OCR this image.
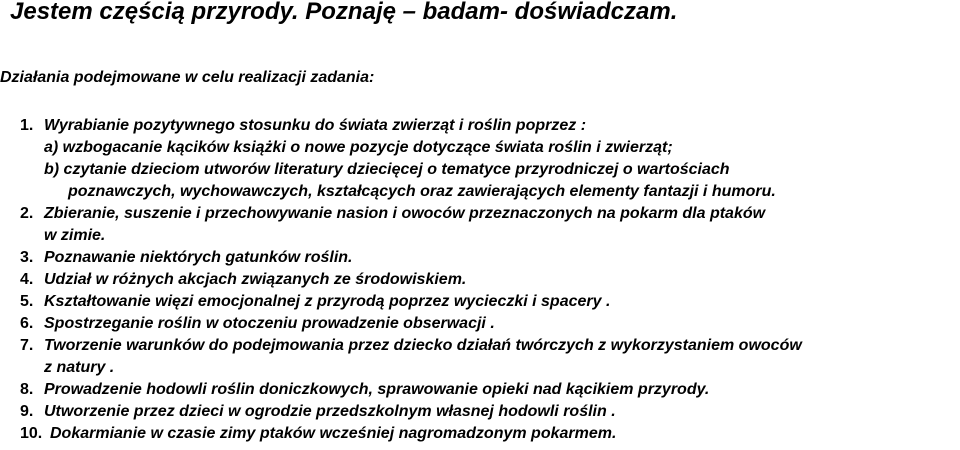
Jestem częścią przyrody. Poznaję – badam- doświadczam.
Działania podejmowane w celu realizacji zadania:
1. Wyrabianie pozytywnego stosunku do świata zwierząt i roślin poprzez :
a) wzbogacanie kącików książki o nowe pozycje dotyczące świata roślin i zwierząt;
b) czytanie dzieciom utworów literatury dziecięcej o tematyce przyrodniczej o wartościach
poznawczych, wychowawczych, kształcących oraz zawierających elementy fantazji i humoru.
2. Zbieranie, suszenie i przechowywanie nasion i owoców przeznaczonych na pokarm dla ptaków
w zimie.
3. Poznawanie niektórych gatunków roślin.
4. Udział w różnych akcjach związanych ze środowiskiem.
5. Kształtowanie więzi emocjonalnej z przyrodą poprzez wycieczki i spacery .
6. Spostrzeganie roślin w otoczeniu prowadzenie obserwacji .
7. Tworzenie warunków do podejmowania przez dziecko działań twórczych z wykorzystaniem owoców
z natury .
8. Prowadzenie hodowli roślin doniczkowych, sprawowanie opieki nad kącikiem przyrody.
9. Utworzenie przez dzieci w ogrodzie przedszkolnym własnej hodowli roślin .
10. Dokarmianie w czasie zimy ptaków wcześniej nagromadzonym pokarmem.
